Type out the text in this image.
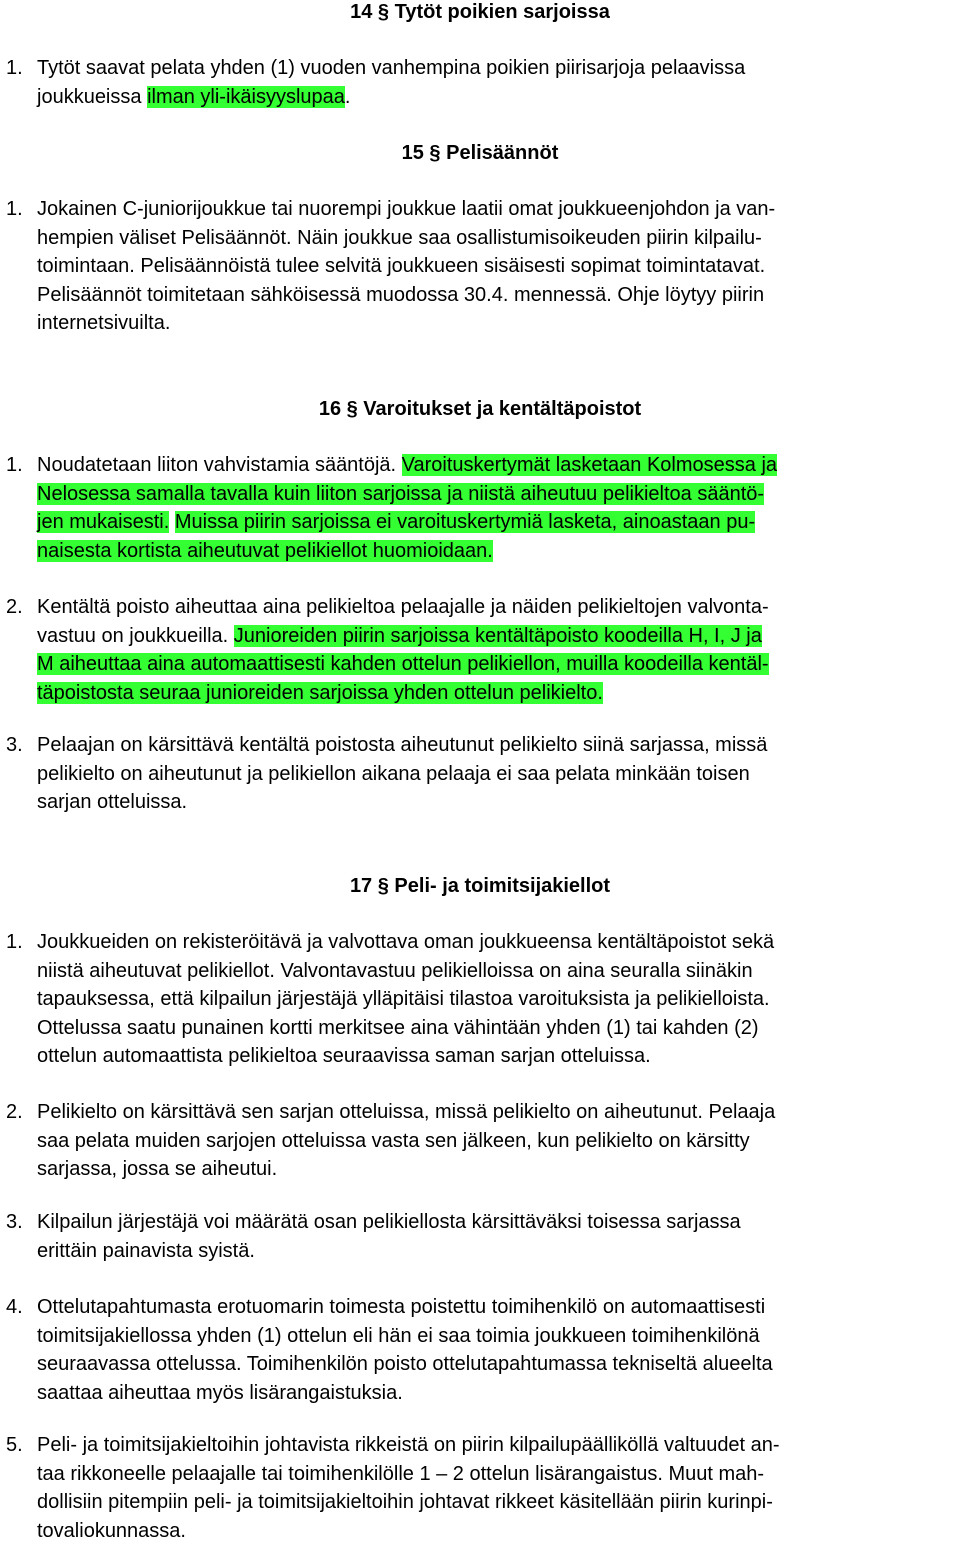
14 § Tytöt poikien sarjoissa
1. Tytöt saavat pelata yhden (1) vuoden vanhempina poikien piirisarjoja pelaavissa
joukkueissa ilman yli-ikäisyyslupaa.
15 § Pelisäännöt
1. Jokainen C-juniorijoukkue tai nuorempi joukkue laatii omat joukkueenjohdon ja van-
hempien väliset Pelisäännöt. Näin joukkue saa osallistumisoikeuden piirin kilpailu-
toimintaan. Pelisäännöistä tulee selvitä joukkueen sisäisesti sopimat toimintatavat.
Pelisäännöt toimitetaan sähköisessä muodossa 30.4. mennessä. Ohje löytyy piirin
internetsivuilta.
16 § Varoitukset ja kentältäpoistot
1. Noudatetaan liiton vahvistamia sääntöjä. Varoituskertymät lasketaan Kolmosessa ja
Nelosessa samalla tavalla kuin liiton sarjoissa ja niistä aiheutuu pelikieltoa sääntö-
jen mukaisesti. Muissa piirin sarjoissa ei varoituskertymiä lasketa, ainoastaan pu-
naisesta kortista aiheutuvat pelikiellot huomioidaan.
2. Kentältä poisto aiheuttaa aina pelikieltoa pelaajalle ja näiden pelikieltojen valvonta-
vastuu on joukkueilla. Junioreiden piirin sarjoissa kentältäpoisto koodeilla H, I, J ja
M aiheuttaa aina automaattisesti kahden ottelun pelikiellon, muilla koodeilla kentäl-
täpoistosta seuraa junioreiden sarjoissa yhden ottelun pelikielto.
3. Pelaajan on kärsittävä kentältä poistosta aiheutunut pelikielto siinä sarjassa, missä
pelikielto on aiheutunut ja pelikiellon aikana pelaaja ei saa pelata minkään toisen
sarjan otteluissa.
17 § Peli- ja toimitsijakiellot
1. Joukkueiden on rekisteröitävä ja valvottava oman joukkueensa kentältäpoistot sekä
niistä aiheutuvat pelikiellot. Valvontavastuu pelikielloissa on aina seuralla siinäkin
tapauksessa, että kilpailun järjestäjä ylläpitäisi tilastoa varoituksista ja pelikielloista.
Ottelussa saatu punainen kortti merkitsee aina vähintään yhden (1) tai kahden (2)
ottelun automaattista pelikieltoa seuraavissa saman sarjan otteluissa.
2. Pelikielto on kärsittävä sen sarjan otteluissa, missä pelikielto on aiheutunut. Pelaaja
saa pelata muiden sarjojen otteluissa vasta sen jälkeen, kun pelikielto on kärsitty
sarjassa, jossa se aiheutui.
3. Kilpailun järjestäjä voi määrätä osan pelikiellosta kärsittäväksi toisessa sarjassa
erittäin painavista syistä.
4. Ottelutapahtumasta erotuomarin toimesta poistettu toimihenkilö on automaattisesti
toimitsijakiellossa yhden (1) ottelun eli hän ei saa toimia joukkueen toimihenkilönä
seuraavassa ottelussa. Toimihenkilön poisto ottelutapahtumassa tekniseltä alueelta
saattaa aiheuttaa myös lisärangaistuksia.
5. Peli- ja toimitsijakieltoihin johtavista rikkeistä on piirin kilpailupäälliköllä valtuudet an-
taa rikkoneelle pelaajalle tai toimihenkilölle 1 – 2 ottelun lisärangaistus. Muut mah-
dollisiin pitempiin peli- ja toimitsijakieltoihin johtavat rikkeet käsitellään piirin kurinpi-
tovaliokunnassa.
